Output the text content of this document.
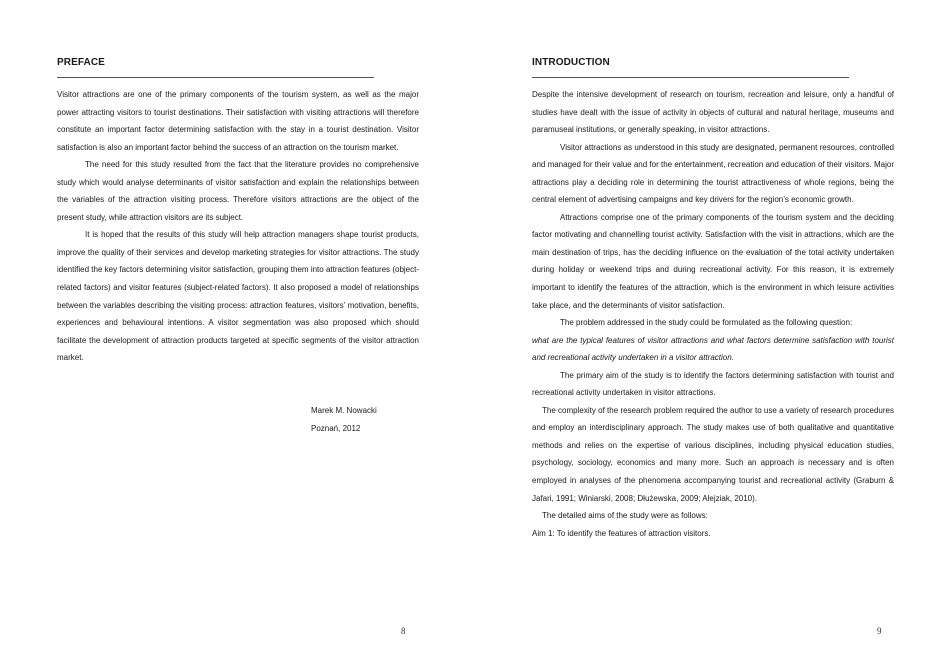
PREFACE

Visitor attractions are one of the primary components of the tourism system, as well as the major power attracting visitors to tourist destinations. Their satisfaction with visiting attractions will therefore constitute an important factor determining satisfaction with the stay in a tourist destination. Visitor satisfaction is also an important factor behind the success of an attraction on the tourism market.

The need for this study resulted from the fact that the literature provides no comprehensive study which would analyse determinants of visitor satisfaction and explain the relationships between the variables of the attraction visiting process. Therefore visitors attractions are the object of the present study, while attraction visitors are its subject.

It is hoped that the results of this study will help attraction managers shape tourist products, improve the quality of their services and develop marketing strategies for visitor attractions. The study identified the key factors determining visitor satisfaction, grouping them into attraction features (object-related factors) and visitor features (subject-related factors). It also proposed a model of relationships between the variables describing the visiting process: attraction features, visitors’ motivation, benefits, experiences and behavioural intentions. A visitor segmentation was also proposed which should facilitate the development of attraction products targeted at specific segments of the visitor attraction market.

Marek M. Nowacki
Poznań, 2012
8
INTRODUCTION

Despite the intensive development of research on tourism, recreation and leisure, only a handful of studies have dealt with the issue of activity in objects of cultural and natural heritage, museums and paramuseal institutions, or generally speaking, in visitor attractions.

Visitor attractions as understood in this study are designated, permanent resources, controlled and managed for their value and for the entertainment, recreation and education of their visitors. Major attractions play a deciding role in determining the tourist attractiveness of whole regions, being the central element of advertising campaigns and key drivers for the region’s economic growth.

Attractions comprise one of the primary components of the tourism system and the deciding factor motivating and channelling tourist activity. Satisfaction with the visit in attractions, which are the main destination of trips, has the deciding influence on the evaluation of the total activity undertaken during holiday or weekend trips and during recreational activity. For this reason, it is extremely important to identify the features of the attraction, which is the environment in which leisure activities take place, and the determinants of visitor satisfaction.

The problem addressed in the study could be formulated as the following question:

what are the typical features of visitor attractions and what factors determine satisfaction with tourist and recreational activity undertaken in a visitor attraction.

The primary aim of the study is to identify the factors determining satisfaction with tourist and recreational activity undertaken in visitor attractions.

The complexity of the research problem required the author to use a variety of research procedures and employ an interdisciplinary approach. The study makes use of both qualitative and quantitative methods and relies on the expertise of various disciplines, including physical education studies, psychology, sociology, economics and many more. Such an approach is necessary and is often employed in analyses of the phenomena accompanying tourist and recreational activity (Graburn & Jafari, 1991; Winiarski, 2008; Dłużewska, 2009; Alejziak, 2010).

The detailed aims of the study were as follows:

Aim 1: To identify the features of attraction visitors.

9
